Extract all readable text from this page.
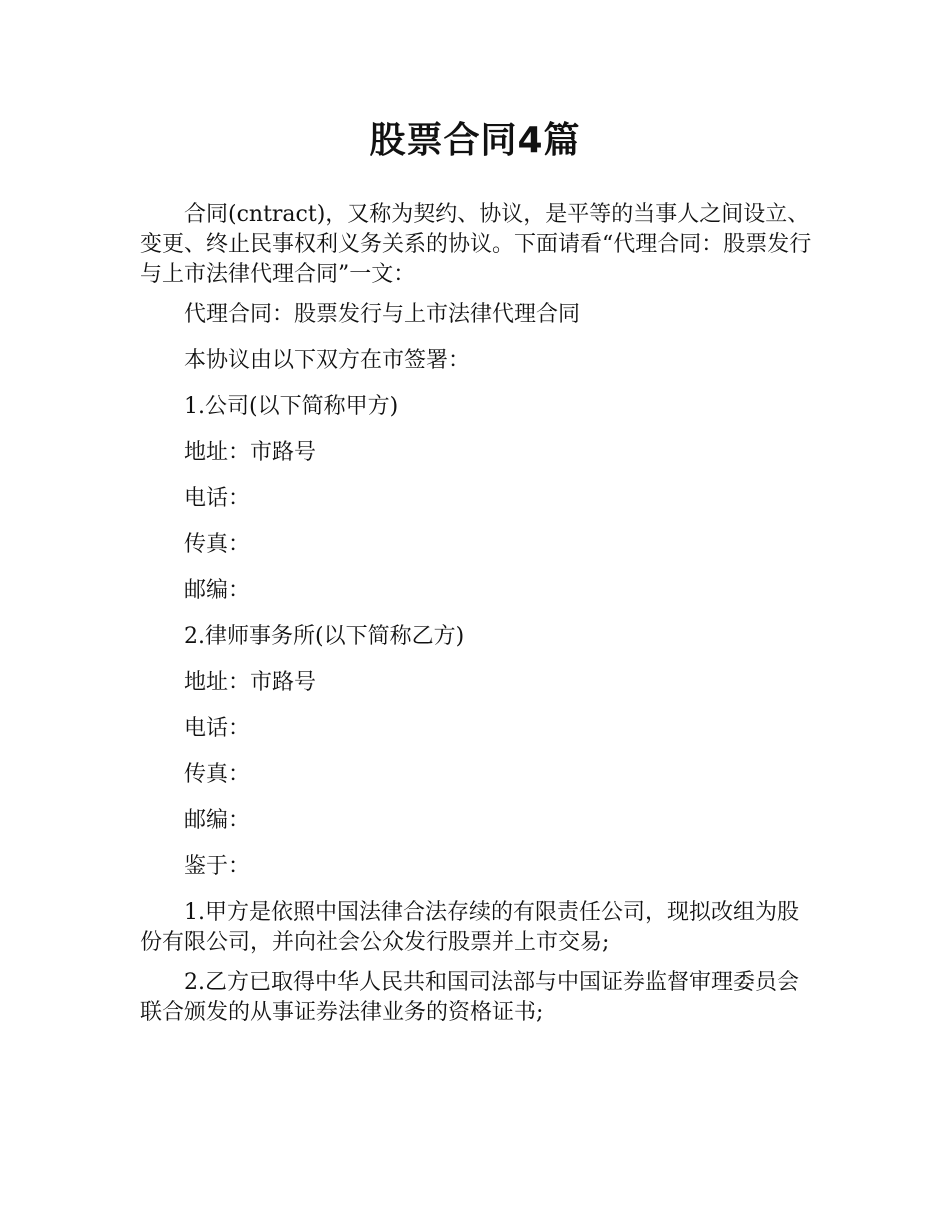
股票合同4篇

合同(cntract)，又称为契约、协议，是平等的当事人之间设立、变更、终止民事权利义务关系的协议。下面请看“代理合同：股票发行与上市法律代理合同”一文：

代理合同：股票发行与上市法律代理合同

本协议由以下双方在市签署：

1.公司(以下简称甲方)

地址：市路号

电话：

传真：

邮编：

2.律师事务所(以下简称乙方)

地址：市路号

电话：

传真：

邮编：

鉴于：

1.甲方是依照中国法律合法存续的有限责任公司，现拟改组为股份有限公司，并向社会公众发行股票并上市交易;

2.乙方已取得中华人民共和国司法部与中国证券监督审理委员会联合颁发的从事证券法律业务的资格证书;
